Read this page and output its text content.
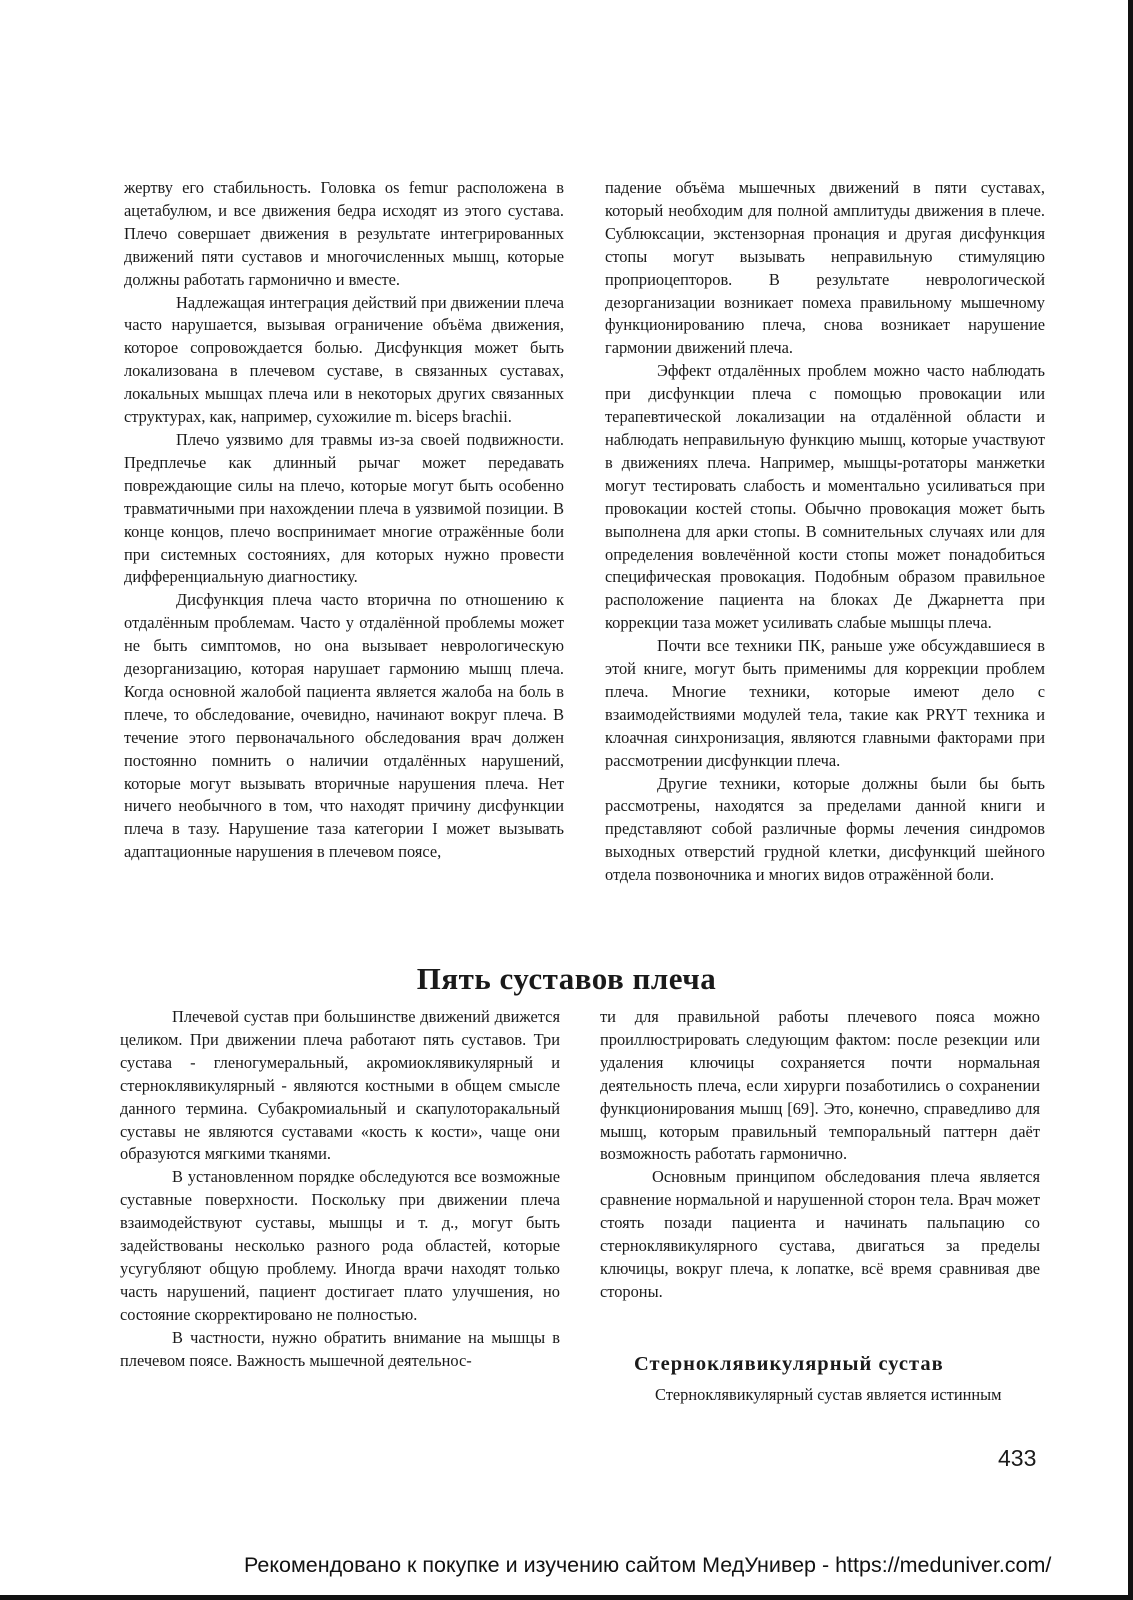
жертву его стабильность. Головка os femur расположена в ацетабулюм, и все движения бедра исходят из этого сустава. Плечо совершает движения в результате интегрированных движений пяти суставов и многочисленных мышц, которые должны работать гармонично и вместе.

Надлежащая интеграция действий при движении плеча часто нарушается, вызывая ограничение объёма движения, которое сопровождается болью. Дисфункция может быть локализована в плечевом суставе, в связанных суставах, локальных мышцах плеча или в некоторых других связанных структурах, как, например, сухожилие m. biceps brachii.

Плечо уязвимо для травмы из-за своей подвижности. Предплечье как длинный рычаг может передавать повреждающие силы на плечо, которые могут быть особенно травматичными при нахождении плеча в уязвимой позиции. В конце концов, плечо воспринимает многие отражённые боли при системных состояниях, для которых нужно провести дифференциальную диагностику.

Дисфункция плеча часто вторична по отношению к отдалённым проблемам. Часто у отдалённой проблемы может не быть симптомов, но она вызывает неврологическую дезорганизацию, которая нарушает гармонию мышц плеча. Когда основной жалобой пациента является жалоба на боль в плече, то обследование, очевидно, начинают вокруг плеча. В течение этого первоначального обследования врач должен постоянно помнить о наличии отдалённых нарушений, которые могут вызывать вторичные нарушения плеча. Нет ничего необычного в том, что находят причину дисфункции плеча в тазу. Нарушение таза категории I может вызывать адаптационные нарушения в плечевом поясе,

падение объёма мышечных движений в пяти суставах, который необходим для полной амплитуды движения в плече. Сублюксации, экстензорная пронация и другая дисфункция стопы могут вызывать неправильную стимуляцию проприоцепторов. В результате неврологической дезорганизации возникает помеха правильному мышечному функционированию плеча, снова возникает нарушение гармонии движений плеча.

Эффект отдалённых проблем можно часто наблюдать при дисфункции плеча с помощью провокации или терапевтической локализации на отдалённой области и наблюдать неправильную функцию мышц, которые участвуют в движениях плеча. Например, мышцы-ротаторы манжетки могут тестировать слабость и моментально усиливаться при провокации костей стопы. Обычно провокация может быть выполнена для арки стопы. В сомнительных случаях или для определения вовлечённой кости стопы может понадобиться специфическая провокация. Подобным образом правильное расположение пациента на блоках Де Джарнетта при коррекции таза может усиливать слабые мышцы плеча.

Почти все техники ПК, раньше уже обсуждавшиеся в этой книге, могут быть применимы для коррекции проблем плеча. Многие техники, которые имеют дело с взаимодействиями модулей тела, такие как PRYT техника и клоачная синхронизация, являются главными факторами при рассмотрении дисфункции плеча.

Другие техники, которые должны были бы быть рассмотрены, находятся за пределами данной книги и представляют собой различные формы лечения синдромов выходных отверстий грудной клетки, дисфункций шейного отдела позвоночника и многих видов отражённой боли.

Пять суставов плеча

Плечевой сустав при большинстве движений движется целиком. При движении плеча работают пять суставов. Три сустава - гленогумеральный, акромиоклявикулярный и стерноклявикулярный - являются костными в общем смысле данного термина. Субакромиальный и скапулоторакальный суставы не являются суставами «кость к кости», чаще они образуются мягкими тканями.

В установленном порядке обследуются все возможные суставные поверхности. Поскольку при движении плеча взаимодействуют суставы, мышцы и т. д., могут быть задействованы несколько разного рода областей, которые усугубляют общую проблему. Иногда врачи находят только часть нарушений, пациент достигает плато улучшения, но состояние скорректировано не полностью.

В частности, нужно обратить внимание на мышцы в плечевом поясе. Важность мышечной деятельнос-

ти для правильной работы плечевого пояса можно проиллюстрировать следующим фактом: после резекции или удаления ключицы сохраняется почти нормальная деятельность плеча, если хирурги позаботились о сохранении функционирования мышц [69]. Это, конечно, справедливо для мышц, которым правильный темпоральный паттерн даёт возможность работать гармонично.

Основным принципом обследования плеча является сравнение нормальной и нарушенной сторон тела. Врач может стоять позади пациента и начинать пальпацию со стерноклявикулярного сустава, двигаться за пределы ключицы, вокруг плеча, к лопатке, всё время сравнивая две стороны.

Стерноклявикулярный сустав
Стерноклявикулярный сустав является истинным
433
Рекомендовано к покупке и изучению сайтом МедУнивер - https://meduniver.com/
